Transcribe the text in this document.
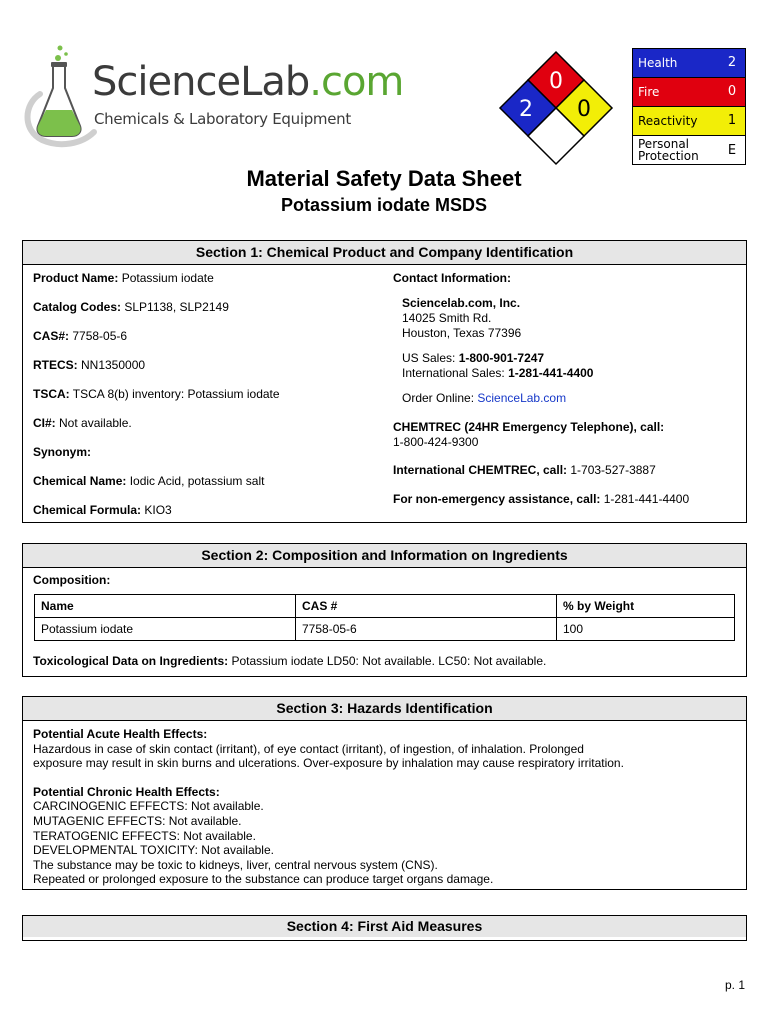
ScienceLab.com
Chemicals & Laboratory Equipment
0
2 0
Health	2
Fire	0
Reactivity	1
Personal Protection	E
Material Safety Data Sheet
Potassium iodate MSDS
Section 1: Chemical Product and Company Identification
Product Name: Potassium iodate
Catalog Codes: SLP1138, SLP2149
CAS#: 7758-05-6
RTECS: NN1350000
TSCA: TSCA 8(b) inventory: Potassium iodate
CI#: Not available.
Synonym:
Chemical Name: Iodic Acid, potassium salt
Chemical Formula: KIO3
Contact Information:
Sciencelab.com, Inc.
14025 Smith Rd.
Houston, Texas 77396
US Sales: 1-800-901-7247
International Sales: 1-281-441-4400
Order Online: ScienceLab.com
CHEMTREC (24HR Emergency Telephone), call:
1-800-424-9300
International CHEMTREC, call: 1-703-527-3887
For non-emergency assistance, call: 1-281-441-4400
Section 2: Composition and Information on Ingredients
Composition:
Name	CAS #	% by Weight
Potassium iodate	7758-05-6	100
Toxicological Data on Ingredients: Potassium iodate LD50: Not available. LC50: Not available.
Section 3: Hazards Identification
Potential Acute Health Effects:
Hazardous in case of skin contact (irritant), of eye contact (irritant), of ingestion, of inhalation. Prolonged
exposure may result in skin burns and ulcerations. Over-exposure by inhalation may cause respiratory irritation.
Potential Chronic Health Effects:
CARCINOGENIC EFFECTS: Not available.
MUTAGENIC EFFECTS: Not available.
TERATOGENIC EFFECTS: Not available.
DEVELOPMENTAL TOXICITY: Not available.
The substance may be toxic to kidneys, liver, central nervous system (CNS).
Repeated or prolonged exposure to the substance can produce target organs damage.
Section 4: First Aid Measures
p. 1
